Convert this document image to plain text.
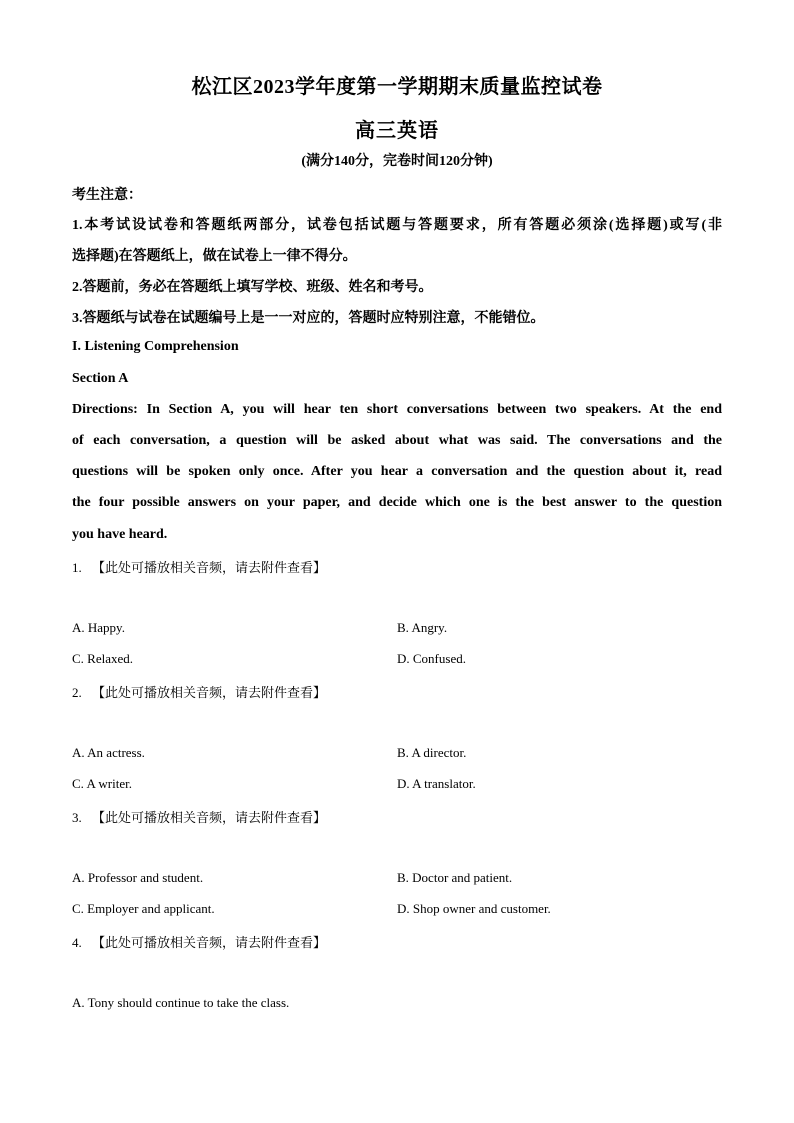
松江区2023学年度第一学期期末质量监控试卷
高三英语
(满分140分，完卷时间120分钟)
考生注意：
1.本考试设试卷和答题纸两部分，试卷包括试题与答题要求，所有答题必须涂(选择题)或写(非
选择题)在答题纸上，做在试卷上一律不得分。
2.答题前，务必在答题纸上填写学校、班级、姓名和考号。
3.答题纸与试卷在试题编号上是一一对应的，答题时应特别注意，不能错位。
I. Listening Comprehension
Section A
Directions: In Section A, you will hear ten short conversations between two speakers. At the end
of each conversation, a question will be asked about what was said. The conversations and the
questions will be spoken only once. After you hear a conversation and the question about it, read
the four possible answers on your paper, and decide which one is the best answer to the question
you have heard.
1. 【此处可播放相关音频，请去附件查看】
A. Happy.	B. Angry.
C. Relaxed.	D. Confused.
2. 【此处可播放相关音频，请去附件查看】
A. An actress.	B. A director.
C. A writer.	D. A translator.
3. 【此处可播放相关音频，请去附件查看】
A. Professor and student.	B. Doctor and patient.
C. Employer and applicant.	D. Shop owner and customer.
4. 【此处可播放相关音频，请去附件查看】
A. Tony should continue to take the class.
